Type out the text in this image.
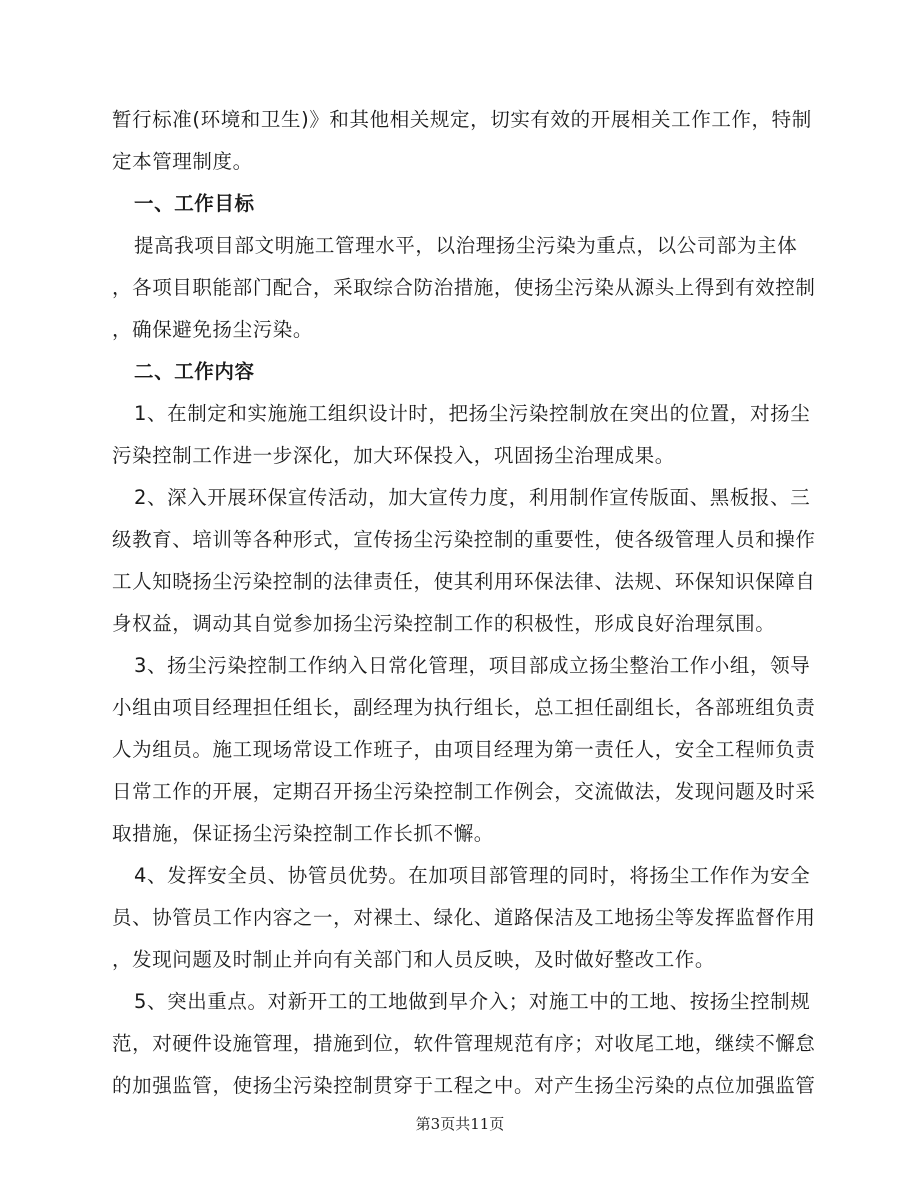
暂行标准(环境和卫生)》和其他相关规定，切实有效的开展相关工作工作，特制
定本管理制度。
一、工作目标
提高我项目部文明施工管理水平，以治理扬尘污染为重点，以公司部为主体
，各项目职能部门配合，采取综合防治措施，使扬尘污染从源头上得到有效控制
，确保避免扬尘污染。
二、工作内容
1、在制定和实施施工组织设计时，把扬尘污染控制放在突出的位置，对扬尘
污染控制工作进一步深化，加大环保投入，巩固扬尘治理成果。
2、深入开展环保宣传活动，加大宣传力度，利用制作宣传版面、黑板报、三
级教育、培训等各种形式，宣传扬尘污染控制的重要性，使各级管理人员和操作
工人知晓扬尘污染控制的法律责任，使其利用环保法律、法规、环保知识保障自
身权益，调动其自觉参加扬尘污染控制工作的积极性，形成良好治理氛围。
3、扬尘污染控制工作纳入日常化管理，项目部成立扬尘整治工作小组，领导
小组由项目经理担任组长，副经理为执行组长，总工担任副组长，各部班组负责
人为组员。施工现场常设工作班子，由项目经理为第一责任人，安全工程师负责
日常工作的开展，定期召开扬尘污染控制工作例会，交流做法，发现问题及时采
取措施，保证扬尘污染控制工作长抓不懈。
4、发挥安全员、协管员优势。在加项目部管理的同时，将扬尘工作作为安全
员、协管员工作内容之一，对裸土、绿化、道路保洁及工地扬尘等发挥监督作用
，发现问题及时制止并向有关部门和人员反映，及时做好整改工作。
5、突出重点。对新开工的工地做到早介入；对施工中的工地、按扬尘控制规
范，对硬件设施管理，措施到位，软件管理规范有序；对收尾工地，继续不懈怠
的加强监管，使扬尘污染控制贯穿于工程之中。对产生扬尘污染的点位加强监管
第3页共11页
